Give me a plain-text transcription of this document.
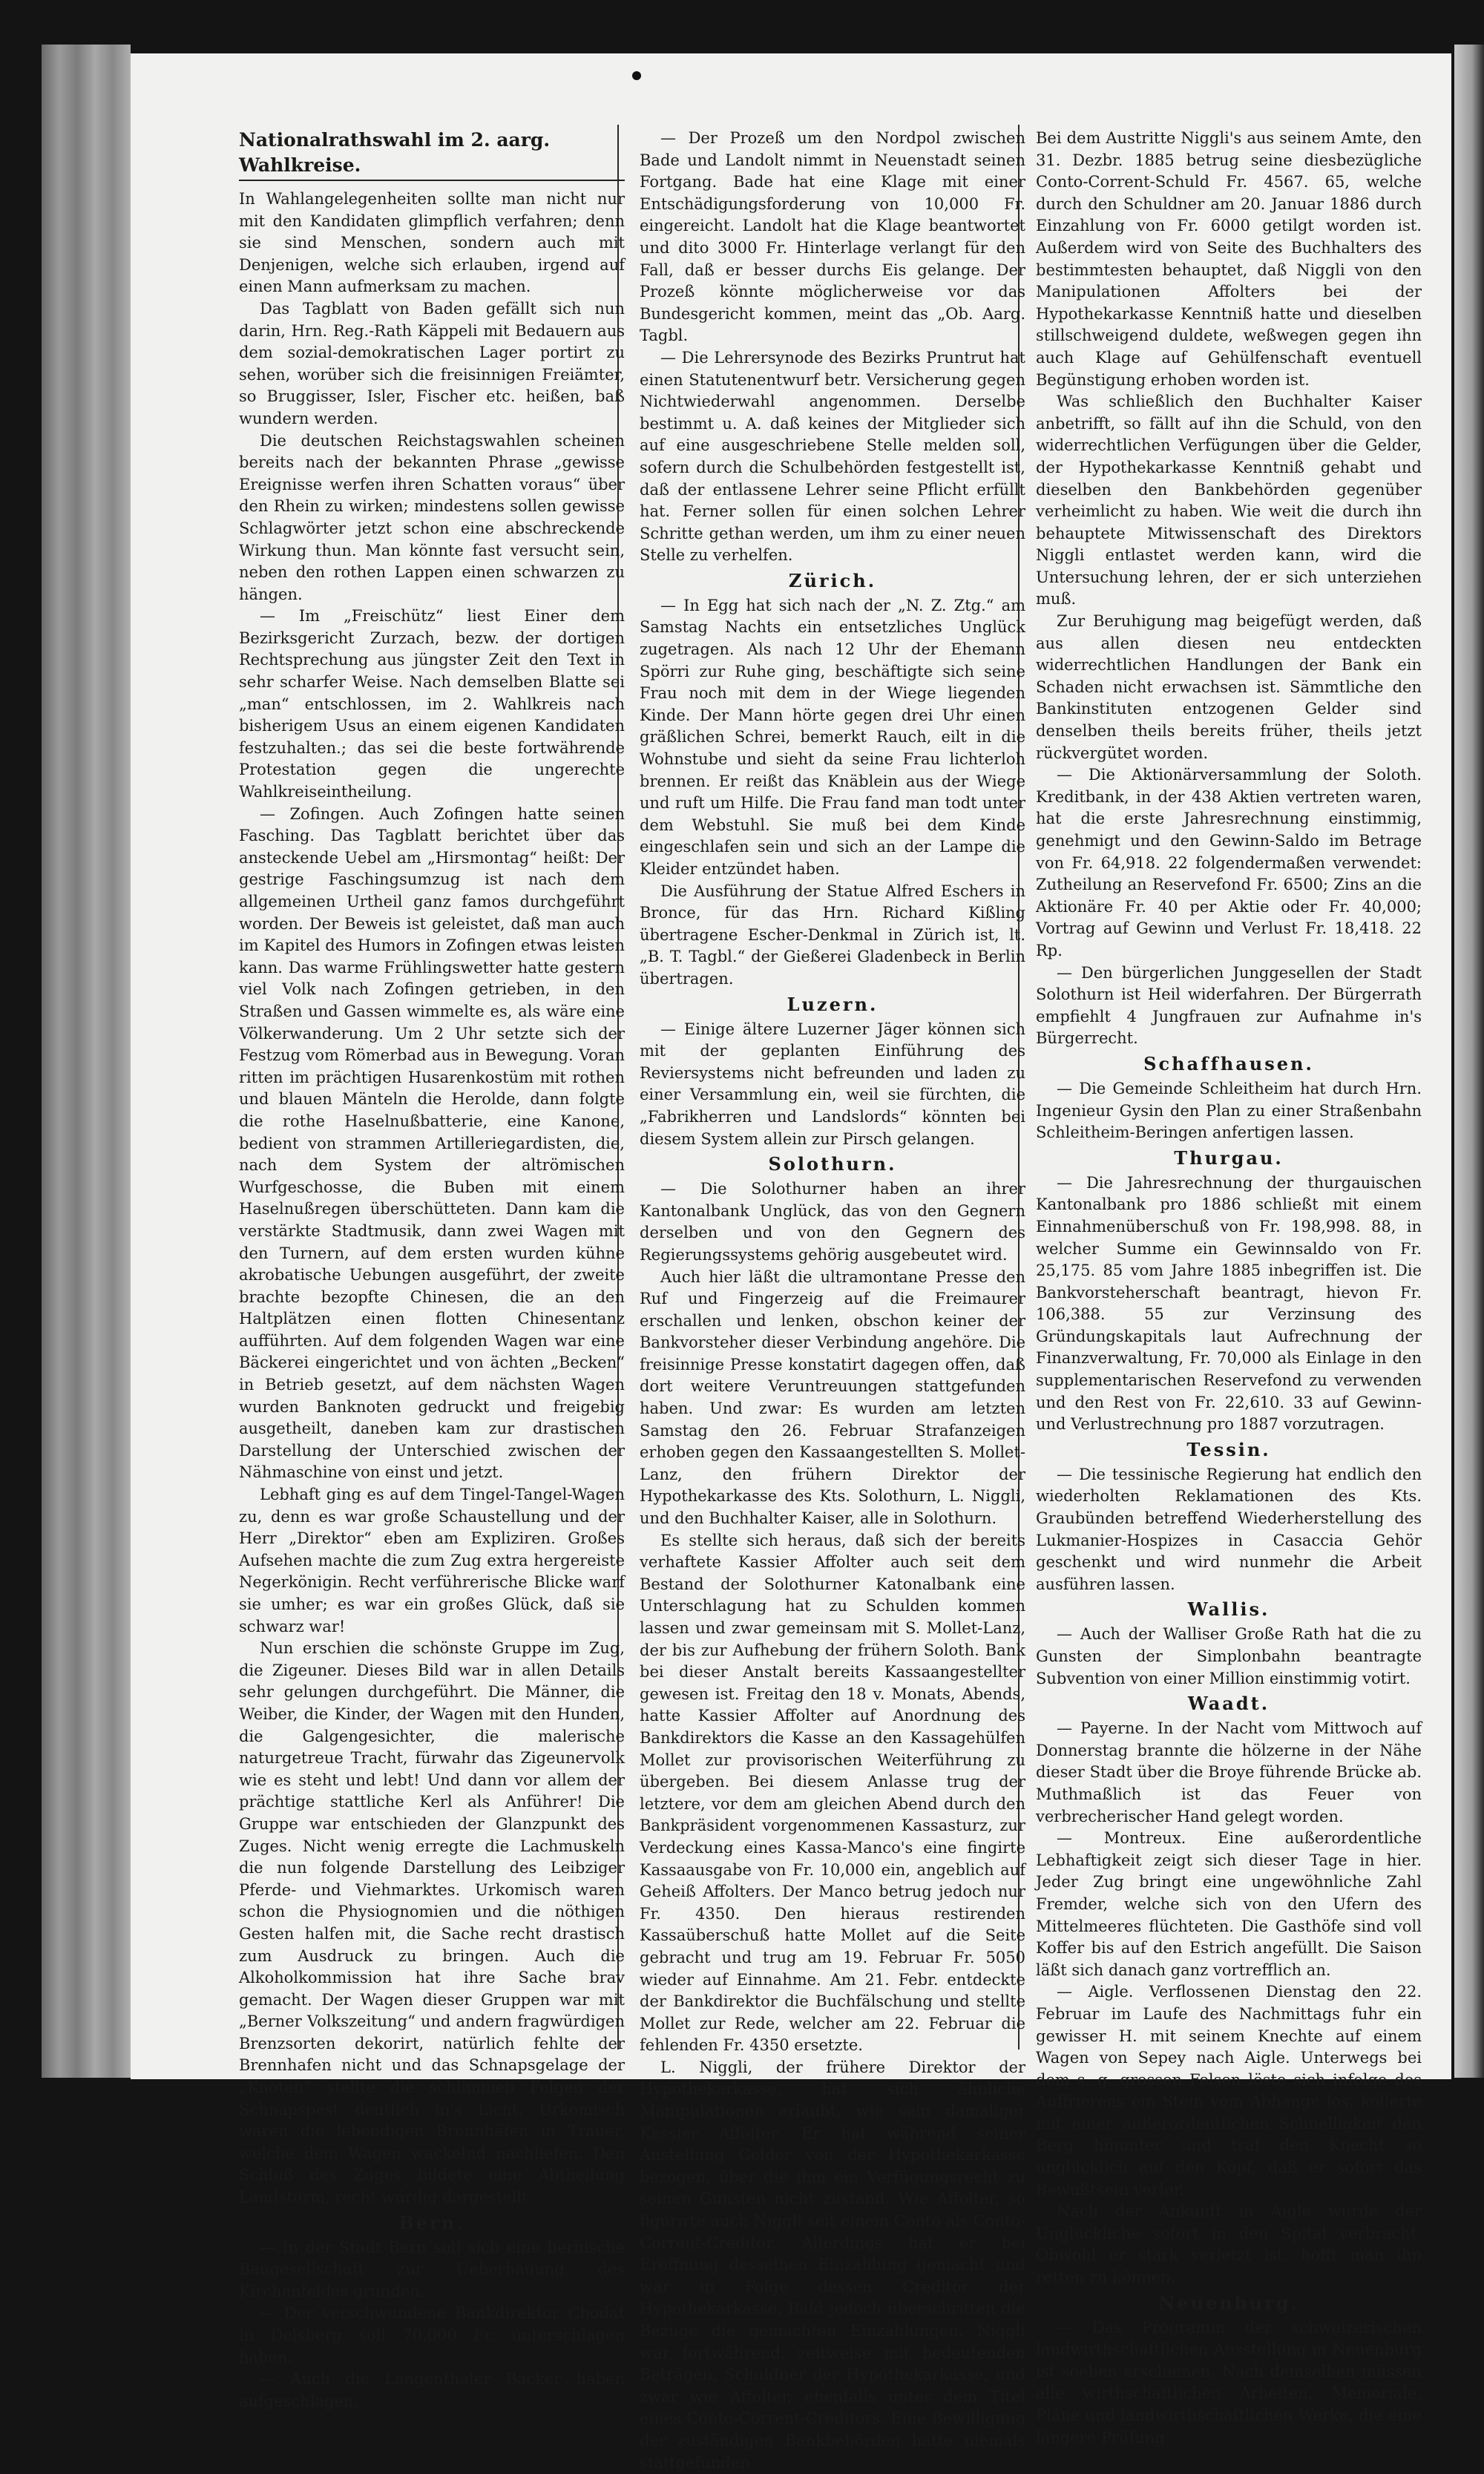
Nationalrathswahl im 2. aarg. Wahlkreise.

In Wahlangelegenheiten sollte man nicht nur mit den Kandidaten glimpflich verfahren; denn sie sind Menschen, sondern auch mit Denjenigen, welche sich erlauben, irgend auf einen Mann aufmerksam zu machen.

Das Tagblatt von Baden gefällt sich nun darin, Hrn. Reg.-Rath Käppeli mit Bedauern aus dem sozial-demokratischen Lager portirt zu sehen, worüber sich die freisinnigen Freiämter, so Bruggisser, Isler, Fischer etc. heißen, baß wundern werden.

Die deutschen Reichstagswahlen scheinen bereits nach der bekannten Phrase „gewisse Ereignisse werfen ihren Schatten voraus“ über den Rhein zu wirken; mindestens sollen gewisse Schlagwörter jetzt schon eine abschreckende Wirkung thun. Man könnte fast versucht sein, neben den rothen Lappen einen schwarzen zu hängen.

— Im „Freischütz“ liest Einer dem Bezirksgericht Zurzach, bezw. der dortigen Rechtsprechung aus jüngster Zeit den Text in sehr scharfer Weise. Nach demselben Blatte sei „man“ entschlossen, im 2. Wahlkreis nach bisherigem Usus an einem eigenen Kandidaten festzuhalten.; das sei die beste fortwährende Protestation gegen die ungerechte Wahlkreiseintheilung.

— Zofingen. Auch Zofingen hatte seinen Fasching. Das Tagblatt berichtet über das ansteckende Uebel am „Hirsmontag“ heißt: Der gestrige Faschingsumzug ist nach dem allgemeinen Urtheil ganz famos durchgeführt worden. Der Beweis ist geleistet, daß man auch im Kapitel des Humors in Zofingen etwas leisten kann. Das warme Frühlingswetter hatte gestern viel Volk nach Zofingen getrieben, in den Straßen und Gassen wimmelte es, als wäre eine Völkerwanderung. Um 2 Uhr setzte sich der Festzug vom Römerbad aus in Bewegung. Voran ritten im prächtigen Husarenkostüm mit rothen und blauen Mänteln die Herolde, dann folgte die rothe Haselnußbatterie, eine Kanone, bedient von strammen Artilleriegardisten, die, nach dem System der altrömischen Wurfgeschosse, die Buben mit einem Haselnußregen überschütteten. Dann kam die verstärkte Stadtmusik, dann zwei Wagen mit den Turnern, auf dem ersten wurden kühne akrobatische Uebungen ausgeführt, der zweite brachte bezopfte Chinesen, die an den Haltplätzen einen flotten Chinesentanz aufführten. Auf dem folgenden Wagen war eine Bäckerei eingerichtet und von ächten „Becken“ in Betrieb gesetzt, auf dem nächsten Wagen wurden Banknoten gedruckt und freigebig ausgetheilt, daneben kam zur drastischen Darstellung der Unterschied zwischen der Nähmaschine von einst und jetzt.

Lebhaft ging es auf dem Tingel-Tangel-Wagen zu, denn es war große Schaustellung und der Herr „Direktor“ eben am Expliziren. Großes Aufsehen machte die zum Zug extra hergereiste Negerkönigin. Recht verführerische Blicke warf sie umher; es war ein großes Glück, daß sie schwarz war!

Nun erschien die schönste Gruppe im Zug, die Zigeuner. Dieses Bild war in allen Details sehr gelungen durchgeführt. Die Männer, die Weiber, die Kinder, der Wagen mit den Hunden, die Galgengesichter, die malerische naturgetreue Tracht, fürwahr das Zigeunervolk wie es steht und lebt! Und dann vor allem der prächtige stattliche Kerl als Anführer! Die Gruppe war entschieden der Glanzpunkt des Zuges. Nicht wenig erregte die Lachmuskeln die nun folgende Darstellung des Leibziger Pferde- und Viehmarktes. Urkomisch waren schon die Physiognomien und die nöthigen Gesten halfen mit, die Sache recht drastisch zum Ausdruck zu bringen. Auch die Alkoholkommission hat ihre Sache brav gemacht. Der Wagen dieser Gruppen war mit „Berner Volkszeitung“ und andern fragwürdigen Brenzsorten dekorirt, natürlich fehlte der Brennhafen nicht und das Schnapsgelage der „Knoten“ stellte die schlimmen Folgen der Schnapspest deutlich in's Licht. Urkomisch waren die lebendigen Brennhäfen in Trauer, welche dem Wagen wackelnd nachliefen. Den Schluß des Zuges bildete eine Abtheilung Landsturm, recht würdig dargestellt.

Bern.

— In der Stadt Bern soll sich eine bernische Baugesellschaft zur Ueberbauung des Kirchenfeldes gründen.

— Der verschwundene Bankdirektor Chodat in Delsberg soll 70,000 Fr. unterschlagen haben.

— Auch die Langenthaler Bäcker haben aufgeschlagen.

— Der Prozeß um den Nordpol zwischen Bade und Landolt nimmt in Neuenstadt seinen Fortgang. Bade hat eine Klage mit einer Entschädigungsforderung von 10,000 Fr. eingereicht. Landolt hat die Klage beantwortet und dito 3000 Fr. Hinterlage verlangt für den Fall, daß er besser durchs Eis gelange. Der Prozeß könnte möglicherweise vor das Bundesgericht kommen, meint das „Ob. Aarg. Tagbl.

— Die Lehrersynode des Bezirks Pruntrut hat einen Statutenentwurf betr. Versicherung gegen Nichtwiederwahl angenommen. Derselbe bestimmt u. A. daß keines der Mitglieder sich auf eine ausgeschriebene Stelle melden soll, sofern durch die Schulbehörden festgestellt ist, daß der entlassene Lehrer seine Pflicht erfüllt hat. Ferner sollen für einen solchen Lehrer Schritte gethan werden, um ihm zu einer neuen Stelle zu verhelfen.

Zürich.

— In Egg hat sich nach der „N. Z. Ztg.“ am Samstag Nachts ein entsetzliches Unglück zugetragen. Als nach 12 Uhr der Ehemann Spörri zur Ruhe ging, beschäftigte sich seine Frau noch mit dem in der Wiege liegenden Kinde. Der Mann hörte gegen drei Uhr einen gräßlichen Schrei, bemerkt Rauch, eilt in die Wohnstube und sieht da seine Frau lichterloh brennen. Er reißt das Knäblein aus der Wiege und ruft um Hilfe. Die Frau fand man todt unter dem Webstuhl. Sie muß bei dem Kinde eingeschlafen sein und sich an der Lampe die Kleider entzündet haben.

Die Ausführung der Statue Alfred Eschers in Bronce, für das Hrn. Richard Kißling übertragene Escher-Denkmal in Zürich ist, lt. „B. T. Tagbl.“ der Gießerei Gladenbeck in Berlin übertragen.

Luzern.

— Einige ältere Luzerner Jäger können sich mit der geplanten Einführung des Reviersystems nicht befreunden und laden zu einer Versammlung ein, weil sie fürchten, die „Fabrikherren und Landslords“ könnten bei diesem System allein zur Pirsch gelangen.

Solothurn.

— Die Solothurner haben an ihrer Kantonalbank Unglück, das von den Gegnern derselben und von den Gegnern des Regierungssystems gehörig ausgebeutet wird.

Auch hier läßt die ultramontane Presse den Ruf und Fingerzeig auf die Freimaurer erschallen und lenken, obschon keiner der Bankvorsteher dieser Verbindung angehöre. Die freisinnige Presse konstatirt dagegen offen, daß dort weitere Veruntreuungen stattgefunden haben. Und zwar: Es wurden am letzten Samstag den 26. Februar Strafanzeigen erhoben gegen den Kassaangestellten S. Mollet-Lanz, den frühern Direktor der Hypothekarkasse des Kts. Solothurn, L. Niggli, und den Buchhalter Kaiser, alle in Solothurn.

Es stellte sich heraus, daß sich der bereits verhaftete Kassier Affolter auch seit dem Bestand der Solothurner Katonalbank eine Unterschlagung hat zu Schulden kommen lassen und zwar gemeinsam mit S. Mollet-Lanz, der bis zur Aufhebung der frühern Soloth. Bank bei dieser Anstalt bereits Kassaangestellter gewesen ist. Freitag den 18 v. Monats, Abends, hatte Kassier Affolter auf Anordnung des Bankdirektors die Kasse an den Kassagehülfen Mollet zur provisorischen Weiterführung zu übergeben. Bei diesem Anlasse trug der letztere, vor dem am gleichen Abend durch den Bankpräsident vorgenommenen Kassasturz, zur Verdeckung eines Kassa-Manco's eine fingirte Kassaausgabe von Fr. 10,000 ein, angeblich auf Geheiß Affolters. Der Manco betrug jedoch nur Fr. 4350. Den hieraus restirenden Kassaüberschuß hatte Mollet auf die Seite gebracht und trug am 19. Februar Fr. 5050 wieder auf Einnahme. Am 21. Febr. entdeckte der Bankdirektor die Buchfälschung und stellte Mollet zur Rede, welcher am 22. Februar die fehlenden Fr. 4350 ersetzte.

L. Niggli, der frühere Direktor der Hypothekarkasse, hat sich ähnliche Manipulationen erlaubt, wie sein damaliger Kassier Affolter. Er hat während seiner Anstellung Gelder von der Hypothekarkasse bezogen, über die ihm ein Verfügungsrecht zu seinen Gunsten nicht zustand. Wie Affolter, so figurirte auch Niggli seit einem Conto als Conto-Corrent-Creditor. Allerdings hat er bei Eröffnung desselben Einzahlung gemacht und war in Folge dessen Creditor der Hypothekarkasse. Bald jedoch überschritten die Bezüge die gemachten Einzahlungen. Niggli war fortwährend, zeitweise mit bedeutenden Beträgen, Schuldner der Hypothekarkasse, und zwar wie Affolter, ebenfalls unter dem Titel eines Conto-Corrent-Creditors. Eine Bewilligung der zuständigen Bankbehörden hatte niemals stattgefunden.

Bei dem Austritte Niggli's aus seinem Amte, den 31. Dezbr. 1885 betrug seine diesbezügliche Conto-Corrent-Schuld Fr. 4567. 65, welche durch den Schuldner am 20. Januar 1886 durch Einzahlung von Fr. 6000 getilgt worden ist. Außerdem wird von Seite des Buchhalters des bestimmtesten behauptet, daß Niggli von den Manipulationen Affolters bei der Hypothekarkasse Kenntniß hatte und dieselben stillschweigend duldete, weßwegen gegen ihn auch Klage auf Gehülfenschaft eventuell Begünstigung erhoben worden ist.

Was schließlich den Buchhalter Kaiser anbetrifft, so fällt auf ihn die Schuld, von den widerrechtlichen Verfügungen über die Gelder, der Hypothekarkasse Kenntniß gehabt und dieselben den Bankbehörden gegenüber verheimlicht zu haben. Wie weit die durch ihn behauptete Mitwissenschaft des Direktors Niggli entlastet werden kann, wird die Untersuchung lehren, der er sich unterziehen muß.

Zur Beruhigung mag beigefügt werden, daß aus allen diesen neu entdeckten widerrechtlichen Handlungen der Bank ein Schaden nicht erwachsen ist. Sämmtliche den Bankinstituten entzogenen Gelder sind denselben theils bereits früher, theils jetzt rückvergütet worden.

— Die Aktionärversammlung der Soloth. Kreditbank, in der 438 Aktien vertreten waren, hat die erste Jahresrechnung einstimmig, genehmigt und den Gewinn-Saldo im Betrage von Fr. 64,918. 22 folgendermaßen verwendet: Zutheilung an Reservefond Fr. 6500; Zins an die Aktionäre Fr. 40 per Aktie oder Fr. 40,000; Vortrag auf Gewinn und Verlust Fr. 18,418. 22 Rp.

— Den bürgerlichen Junggesellen der Stadt Solothurn ist Heil widerfahren. Der Bürgerrath empfiehlt 4 Jungfrauen zur Aufnahme in's Bürgerrecht.

Schaffhausen.

— Die Gemeinde Schleitheim hat durch Hrn. Ingenieur Gysin den Plan zu einer Straßenbahn Schleitheim-Beringen anfertigen lassen.

Thurgau.

— Die Jahresrechnung der thurgauischen Kantonalbank pro 1886 schließt mit einem Einnahmenüberschuß von Fr. 198,998. 88, in welcher Summe ein Gewinnsaldo von Fr. 25,175. 85 vom Jahre 1885 inbegriffen ist. Die Bankvorsteherschaft beantragt, hievon Fr. 106,388. 55 zur Verzinsung des Gründungskapitals laut Aufrechnung der Finanzverwaltung, Fr. 70,000 als Einlage in den supplementarischen Reservefond zu verwenden und den Rest von Fr. 22,610. 33 auf Gewinn- und Verlustrechnung pro 1887 vorzutragen.

Tessin.

— Die tessinische Regierung hat endlich den wiederholten Reklamationen des Kts. Graubünden betreffend Wiederherstellung des Lukmanier-Hospizes in Casaccia Gehör geschenkt und wird nunmehr die Arbeit ausführen lassen.

Wallis.

— Auch der Walliser Große Rath hat die zu Gunsten der Simplonbahn beantragte Subvention von einer Million einstimmig votirt.

Waadt.

— Payerne. In der Nacht vom Mittwoch auf Donnerstag brannte die hölzerne in der Nähe dieser Stadt über die Broye führende Brücke ab. Muthmaßlich ist das Feuer von verbrecherischer Hand gelegt worden.

— Montreux. Eine außerordentliche Lebhaftigkeit zeigt sich dieser Tage in hier. Jeder Zug bringt eine ungewöhnliche Zahl Fremder, welche sich von den Ufern des Mittelmeeres flüchteten. Die Gasthöfe sind voll Koffer bis auf den Estrich angefüllt. Die Saison läßt sich danach ganz vortrefflich an.

— Aigle. Verflossenen Dienstag den 22. Februar im Laufe des Nachmittags fuhr ein gewisser H. mit seinem Knechte auf einem Wagen von Sepey nach Aigle. Unterwegs bei dem s. g. grossen Felsen löste sich infolge des Auffrierens ein Stein vom Abhange los, kollerte mit einer außerordentlichen Schnelligkeit den Berg hinunter und traf den Knecht so unglücklich auf den Kopf, daß er sofort das Bewußtsein verlor.

Nach der Ankunft in Aigle wurde der Unglückliche sofort in den Spital verbracht. Obwohl er stark verletzt ist, hofft man ihn retten zu können.

Neuenburg.

— Das Programm der schweizerischen landwirthschaftlichen Ausstellung in Neuenburg ist soeben erschienen. Nach demselben müssen alle wirthschaftlichen Arbeiten, Memoriale, Pläne und landwirthschaftlichen Werke, die eine längere Prüfung
